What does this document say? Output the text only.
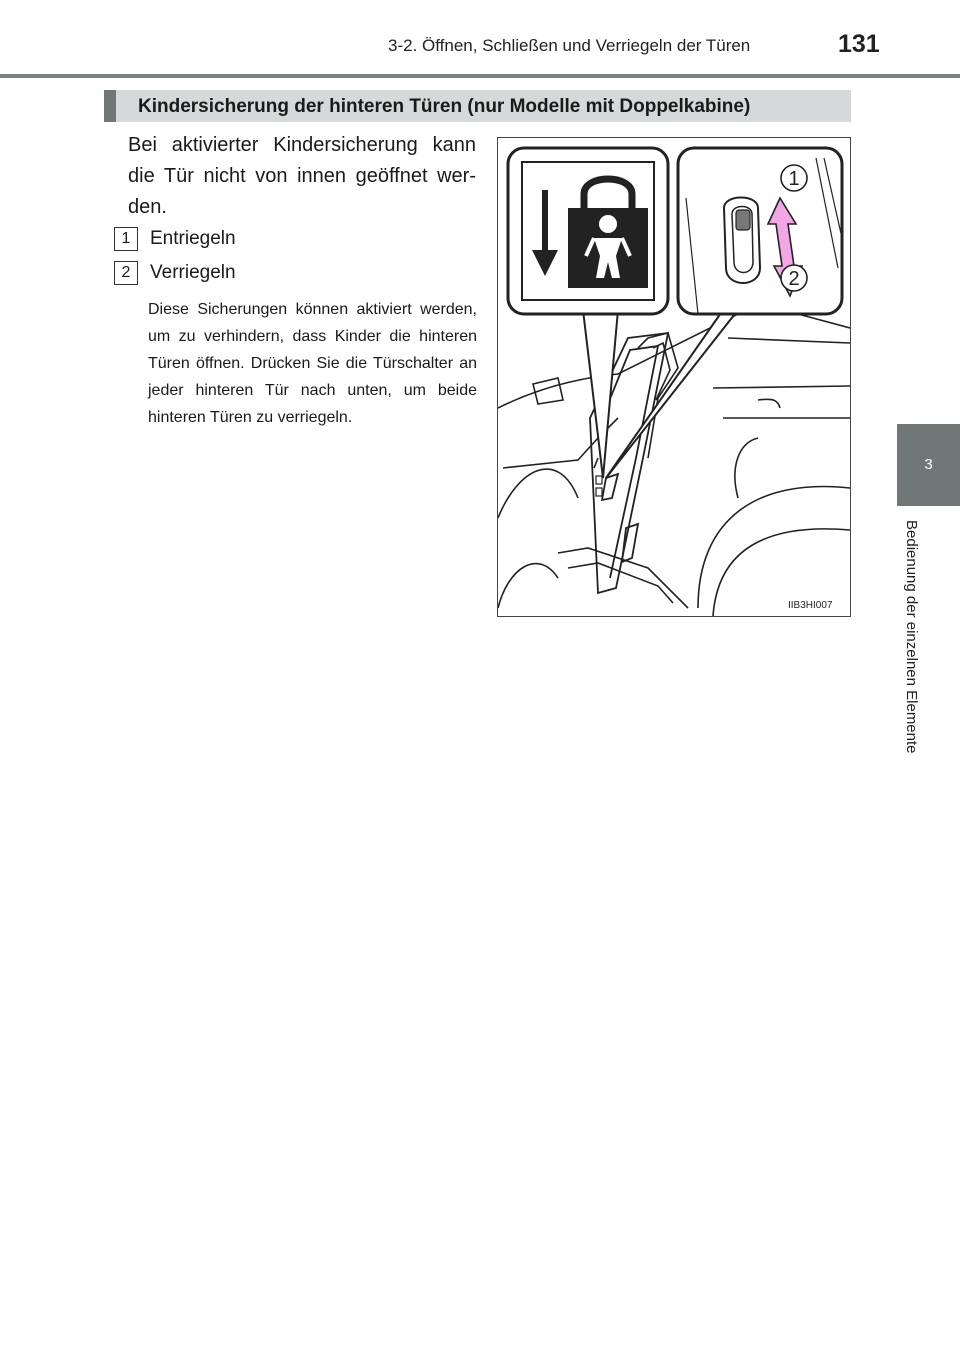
3-2. Öffnen, Schließen und Verriegeln der Türen	131
3
Bedienung der einzelnen Elemente
Kindersicherung der hinteren Türen (nur Modelle mit Doppelkabine)

Bei aktivierter Kindersicherung kann die Tür nicht von innen geöffnet wer-den.

1 Entriegeln
2 Verriegeln

Diese Sicherungen können aktiviert werden, um zu verhindern, dass Kinder die hinteren Türen öffnen. Drücken Sie die Türschalter an jeder hinteren Tür nach unten, um beide hinteren Türen zu verriegeln.

1
2
IIB3HI007
